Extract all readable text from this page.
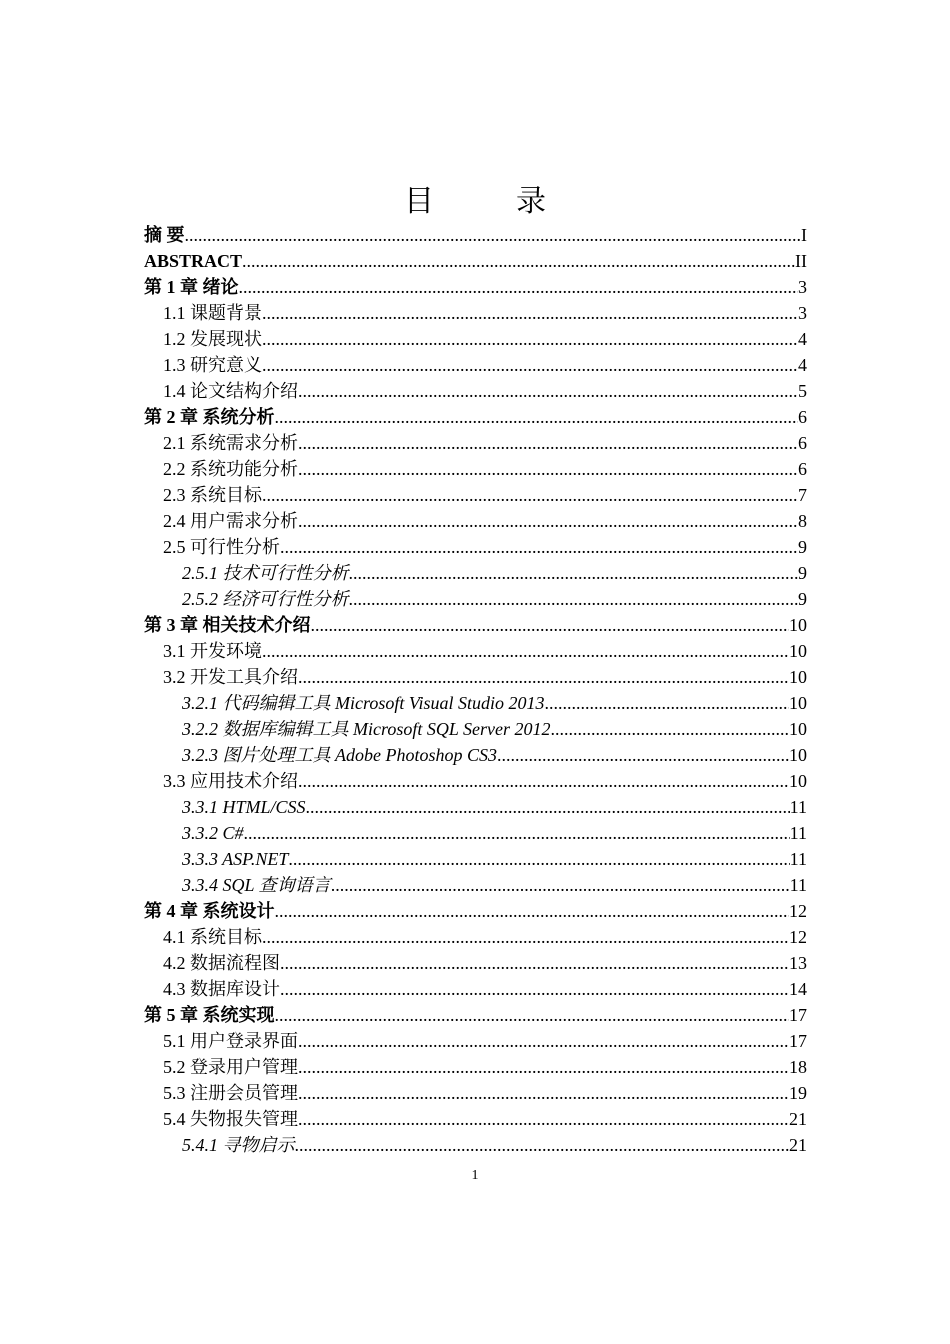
目　录
摘 要 .....	I
ABSTRACT .....	II
第 1 章 绪论 .....	3
1.1 课题背景 .....	3
1.2 发展现状 .....	4
1.3 研究意义 .....	4
1.4 论文结构介绍 .....	5
第 2 章 系统分析 .....	6
2.1 系统需求分析 .....	6
2.2 系统功能分析 .....	6
2.3 系统目标 .....	7
2.4 用户需求分析 .....	8
2.5 可行性分析 .....	9
2.5.1 技术可行性分析 .....	9
2.5.2 经济可行性分析 .....	9
第 3 章 相关技术介绍 .....	10
3.1 开发环境 .....	10
3.2 开发工具介绍 .....	10
3.2.1 代码编辑工具 Microsoft Visual Studio 2013 .....	10
3.2.2 数据库编辑工具 Microsoft SQL Server 2012 .....	10
3.2.3 图片处理工具 Adobe Photoshop CS3 .....	10
3.3 应用技术介绍 .....	10
3.3.1 HTML/CSS .....	11
3.3.2 C# .....	11
3.3.3 ASP.NET .....	11
3.3.4 SQL 查询语言 .....	11
第 4 章 系统设计 .....	12
4.1 系统目标 .....	12
4.2 数据流程图 .....	13
4.3 数据库设计 .....	14
第 5 章 系统实现 .....	17
5.1 用户登录界面 .....	17
5.2 登录用户管理 .....	18
5.3 注册会员管理 .....	19
5.4 失物报失管理 .....	21
5.4.1 寻物启示 .....	21
1
